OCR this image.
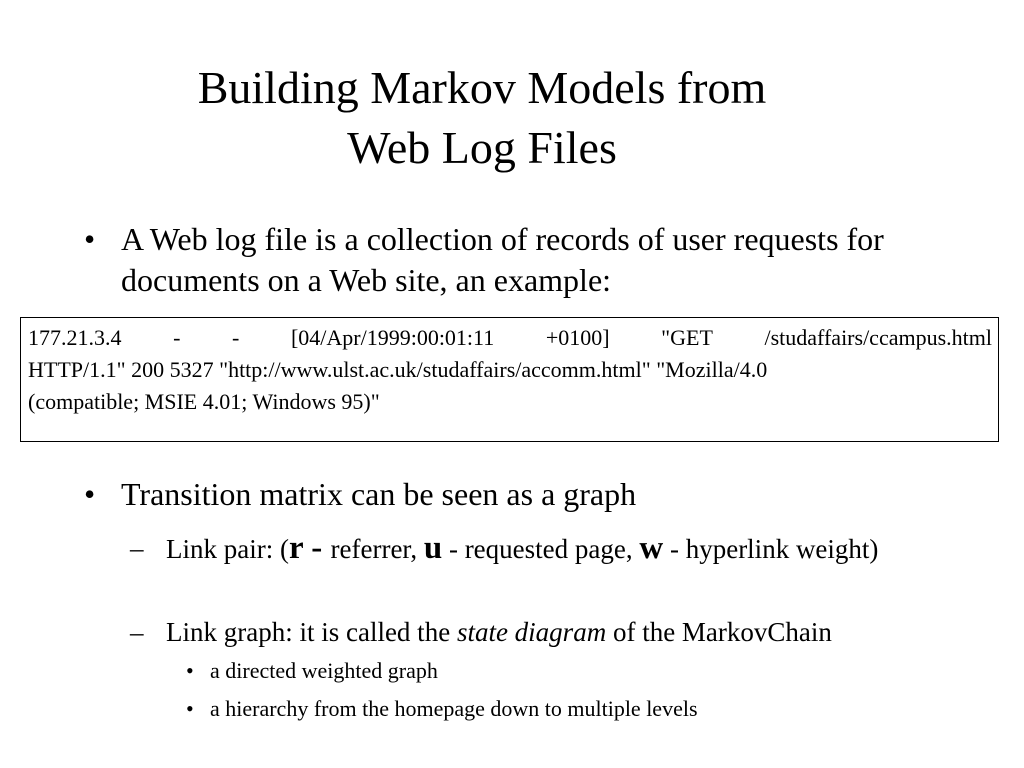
Building Markov Models from
Web Log Files
• A Web log file is a collection of records of user requests for documents on a Web site, an example:
177.21.3.4 - - [04/Apr/1999:00:01:11 +0100] "GET /studaffairs/ccampus.html
HTTP/1.1" 200 5327 "http://www.ulst.ac.uk/studaffairs/accomm.html" "Mozilla/4.0
(compatible; MSIE 4.01; Windows 95)"
• Transition matrix can be seen as a graph
– Link pair: (r - referrer, u - requested page, w - hyperlink weight)
– Link graph: it is called the state diagram of the MarkovChain
• a directed weighted graph
• a hierarchy from the homepage down to multiple levels
